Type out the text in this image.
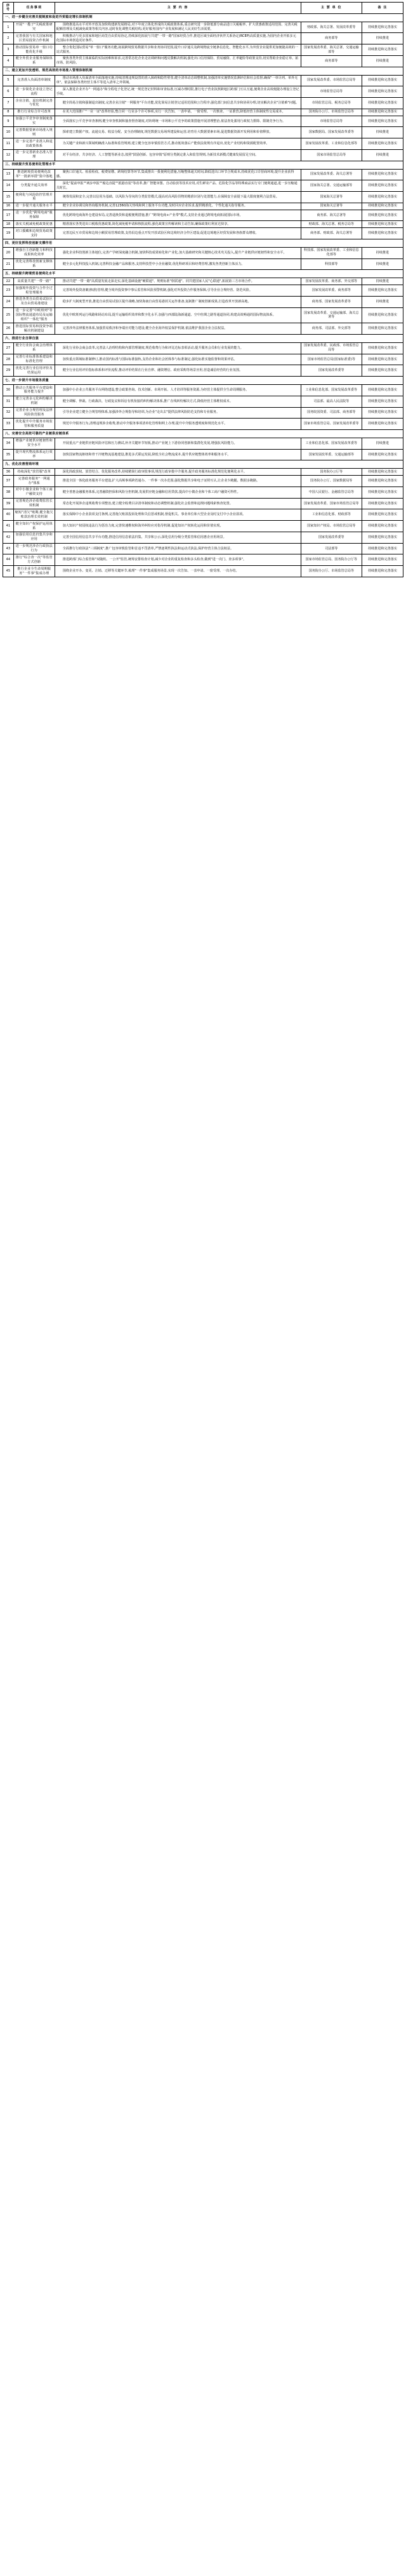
序号	任务事项	主 要 内 容	主 要 单 位	备 注
一、进一步健全完善关税制度和促进外贸稳定增长体制机制				
1	开展"一揽子"关税政策研究	围绕推进高水平对外开放及加快构建新发展格局,对下年度立体化形成的关税政策体系,重点研究进一步降低部分商品进口关税税率、扩大优惠政策适用范围、完善关税配额管理及关税减免政策等相关内容,适时优化调整关税结构,更好服务国内产业发展和满足人民美好生活需要。	财政部、海关总署、发展改革委等	持续推进和完善落实
2	完善我国与有关国家和地区贸易投资合作机制	积极推动与更多国家和地区商签自由贸易协定,持续深化拓展与共建"一带一路"国家经贸合作,推进区域全面经济伙伴关系协定(RCEP)高质量实施,为国内企业开拓多元化国际市场创造更好条件。	商务部等	持续推进
3	推动国际贸易单一窗口功能优化升级	整合优化国际贸易"单一窗口"服务功能,拓展跨境贸易数据共享和业务协同范围,提升口岸通关及跨境物流全链条信息化、智能化水平,为外贸企业提供更加便捷高效的一站式服务。	国家发展改革委、海关总署、交通运输部等	持续推进和完善落实
4	健全外贸企业服务保障体系	聚焦各类外贸主体面临的实际困难和诉求,完善常态化企业走访调研和问题反馈解决机制,强化出口信用保险、贸易融资、汇率避险等政策支持,切实帮助企业稳订单、拓市场、防风险。	商务部等	持续推进
二、建立更加开放透明、规范高效的市场准入管理体制机制				
5	完善准入负面清单制度	推动市场准入负面清单全面落地实施,持续清理违规设置的准入障碍和隐性壁垒,健全清单动态调整机制,加强清单实施情况监测评估和社会监督,确保"一单尽列、单外无单"。依法保障各类经营主体平等进入清单之外领域。	国家发展改革委、市场监管总局等	持续推进和完善落实
6	进一步简化企业设立登记流程	深入推进企业开办"一网通办"和全程电子化登记,统一规范登记材料和审查标准,压减办理时限,推行电子营业执照跨地区跨部门互认互通,便利企业高效便捷办理设立登记手续。	市场监管总局等	持续推进和完善落实
7	企业注销、退出机制完善与优化	健全简易注销和强制退出制度,完善企业注销"一网服务"平台功能,优化简易注销登记适用范围和公告程序,强化部门间信息共享和协同办理,切实解决企业"注销难"问题。	市场监管总局、税务总局等	持续推进和完善落实
8	推行行业综合许可改革	在更大范围推广"一业一证"改革经验,整合同一行业多个许可事项,实行一次告知、一表申请、一窗受理、一次核查、一证准营,降低经营主体制度性交易成本。	国务院办公厅、市场监管总局等	持续推进和完善落实
9	加强公平竞争审查制度落实	全面落实公平竞争审查条例,健全审查机制和抽查督查制度,对妨碍统一市场和公平竞争的政策措施开展清理整治,依法查处滥用行政权力排除、限制竞争行为。	市场监管总局等	持续推进和完善落实
10	完善数据要素市场准入规则	探索建立数据产权、流通交易、收益分配、安全治理制度,规范数据交易场所建设和运营,培育壮大数据要素市场,促进数据资源开发利用和价值释放。	国家数据局、国家发展改革委等	持续推进
11	进一步完善产业准入和退出政策体系	为关键产业和新兴领域明确准入标准和监管规则,建立健全包容审慎监管方式,推动低效落后产能依法依规有序退出,优化产业结构和资源配置效率。	国家发展改革委、工业和信息化部等	持续推进和完善落实
12	进一步完善新业态准入管理	对平台经济、共享经济、人工智能等新业态,按照"鼓励创新、包容审慎"原则分类制定准入和监管规则,为新技术新模式健康发展留足空间。	国家市场监管总局等	持续推进
三、持续提升贸易便利化管理水平				
13	推进跨境贸易便利化改革"一批新举措"集中落地	聚焦口岸通关、检验检疫、税费征缴、跨境结算等环节,集成推出一批便利化措施,压缩整体通关时间,降低进出口环节合规成本,持续优化口岸营商环境,提升企业获得感。	国家发展改革委、海关总署等	持续推进和完善落实
14	分类提升通关效率	深化"提前申报""两步申报""船边直提""抵港直装"等改革,推广智能审图、自动验放等技术应用,对生鲜农产品、危险化学品等特殊商品实行专门便利通道,进一步压缩通关时长。	国家海关总署、交通运输部等	持续推进和完善落实
15	便利化与风险防控管理并重	统筹发展和安全,完善以信用为基础、以风险为导向的分类监管模式,提高对高风险货物的精准识别与处置能力,在保障安全前提下最大限度便利合法贸易。	国家海关总署等	持续推进和完善落实
16	进一步提升通关服务水平	健全企业协调员和咨询服务机制,完善12360海关热线和网上服务平台功能,及时回应企业诉求,提供精准化、个性化通关指导服务。	国家海关总署等	持续推进和完善落实
17	进一步优化"跨境电商"服务保障	优化跨境电商海外仓建设布局,完善退换货和退税便利措施,推广"跨境电商+产业带"模式,支持企业通过跨境电商拓展国际市场。	商务部、海关总署等	持续推进和完善落实
18	落实关税减免税政策优惠	精准落实各类进出口税收优惠政策,简化减免税申请和核批流程,强化政策宣传解读和主动告知,确保政策红利直达快享。	财政部、海关总署、税务总局等	持续推进和完善落实
19	对口援藏和边境贸易政策支持	完善边民互市贸易和边境小额贸易管理政策,支持沿边重点开发开放试验区和边境经济合作区建设,促进边境地区经贸发展和各族群众增收。	商务部、财政部、海关总署等	持续推进和完善落实
四、更好发挥科技创新支撑作用				
20	增强自主创新能力和科技成果转化效率	强化企业科技创新主体地位,完善产学研深度融合机制,加快科技成果转化和产业化,加大基础研究和关键核心技术攻关投入,提升产业链供应链韧性和安全水平。	科技部、国家发展改革委、工业和信息化部等	持续推进
21	优化完善科技创新支撑体系	健全多元化科技投入机制,完善科技金融产品和服务,支持科技型中小企业融资,优化科研项目和经费管理,激发各类创新主体活力。	科技部等	持续推进
五、持续提升跨境贸易便利化水平				
22	高质量共建"一带一路"	推动共建"一带一路"高质量发展走深走实,深化基础设施"硬联通"、规则标准"软联通"、同共建国家人民"心联通",拓展第三方市场合作。	国家发展改革委、商务部、外交部等	持续推进
23	加强境外投资与合作全过程管理服务	完善境外投资备案(核准)管理,健全境外投资事中事后监管和风险预警机制,强化对外投资合作服务保障,引导企业合规经营、防范风险。	国家发展改革委、商务部等	持续推进和完善落实
24	推进各类自由贸易试验区及自由贸易港建设	稳步扩大制度型开放,推进自由贸易试验区提升战略,加快海南自由贸易港封关运作准备,复制推广制度创新成果,打造改革开放新高地。	商务部、国家发展改革委等	持续推进
25	进一步完善"中欧班列"等国际物流通道布局及运输组织"一体化"服务	优化中欧班列运行线路和场站布局,提升运输组织效率和数字化水平,加强与西部陆海新通道、空中丝绸之路等通道协同,构建高效畅通的国际物流体系。	国家发展改革委、交通运输部、海关总署等	持续推进和完善落实
26	推进国际贸易和投资争端解决机制建设	完善涉外法律服务体系,加强贸易救济和争端应对能力建设,健全企业海外权益保护机制,依法维护我国企业合法权益。	商务部、司法部、外交部等	持续推进和完善落实
六、推进行业自律自强				
27	健全行业协会商会治理体系	深化行业协会商会改革,完善法人治理结构和内部管理制度,规范收费行为和评比达标表彰活动,提升服务会员和行业发展的能力。	国家发展改革委、民政部、市场监管总局等	持续推进和完善落实
28	完善行业标准体系建设和标准化管理	加快重点领域标准制修订,推动国内标准与国际标准接轨,支持企业和社会团体参与标准制定,强化标准实施监督和效果评估。	国家市场监管总局(国家标准委)等	持续推进和完善落实
29	优化完善行业信用评价及结果运用	健全行业信用评价指标体系和评价流程,推动评价结果在行业自律、融资增信、政府采购等场景应用,营造诚信经营的行业氛围。	国家发展改革委等	持续推进和完善落实
七、进一步提升市场服务质量				
30	推动公共服务平台建设和服务能力提升	加强中小企业公共服务平台网络建设,整合政策咨询、技术创新、市场开拓、人才培训等服务资源,为经营主体提供全生命周期服务。	工业和信息化部、国家发展改革委等	持续推进和完善落实
31	建立完善多元化纠纷解决机制	健全调解、仲裁、行政裁决、行政复议和诉讼有机衔接的纠纷解决体系,推广在线纠纷解决方式,降低经营主体维权成本。	司法部、最高人民法院等	持续推进和完善落实
32	完善企业合规管理及法律风险防范服务	引导企业建立健全合规管理体系,加强涉外合规指导和培训,为企业"走出去"提供法律风险防范支持和专业服务。	国务院国资委、司法部、商务部等	持续推进和完善落实
33	优化提升中介服务市场监管和服务质量	规范中介服务行为,清理违规涉企收费,推动中介服务事项清单化管理和网上办理,提升中介服务透明度和规范化水平。	国家市场监管总局、国家发展改革委等	持续推进和完善落实
八、完善安全高效可靠的产业链供应链体系				
34	增强产业链供应链韧性和安全水平	开展重点产业链供应链风险评估和压力测试,补齐关键环节短板,推动产业链上下游协同创新和集群化发展,增强抗风险能力。	工业和信息化部、国家发展改革委等	持续推进
35	提升现代物流体系运行效率	加快国家物流枢纽和骨干冷链物流基地建设,推进多式联运发展,降低全社会物流成本,提升供应链整体效率和服务水平。	国家发展改革委、交通运输部等	持续推进和完善落实
九、优化改善营商环境				
36	持续深化"放管服"改革	深化简政放权、放管结合、优化服务改革,持续精简行政审批事项,规范行政审批中介服务,提升政务服务标准化规范化便利化水平。	国务院办公厅等	持续推进和完善落实
37	完善政务服务"一网通办"体系	推进全国一体化政务服务平台建设,扩大高频事项跨省通办、一件事一次办范围,强化数据共享和电子证照互认,让企业少跑腿、数据多跑路。	国务院办公厅、国家数据局等	持续推进和完善落实
38	对中小微企业和个体工商户融资支持	健全普惠金融服务体系,完善融资担保和风险分担机制,发展供应链金融和信用贷款,提高中小微企业和个体工商户融资可得性。	中国人民银行、金融监管总局等	持续推进和完善落实
39	完善规范涉企收费监管长效机制	常态化开展涉企违规收费专项整治,建立健全收费目录清单制度和动态调整机制,强化社会监督和违规问题线索核查处置。	国家发展改革委、国家市场监管总局等	持续推进和完善落实
40	缩短"清欠"账期,健全拖欠账款治理长效机制	落实保障中小企业款项支付条例,完善拖欠账款投诉处理和失信惩戒机制,督促机关、事业单位和大型企业及时支付中小企业款项。	工业和信息化部、财政部等	持续推进和完善落实
41	健全知识产权保护运用体系	加大知识产权侵权违法行为惩治力度,完善快速维权和海外纠纷应对指导机制,促进知识产权转化运用和价值实现。	国家知识产权局、市场监管总局等	持续推进和完善落实
42	加强信用信息归集共享和应用	完善全国信用信息共享平台功能,推进信用信息依法归集、共享和公示,深化信用分级分类监管和信用惠企应用场景。	国家发展改革委等	持续推进和完善落实
43	进一步规范涉企行政执法行为	全面推行行政执法"三项制度",推广包容审慎监管和首违不罚清单,严禁逐利性执法和运动式执法,保护经营主体合法权益。	司法部等	持续推进和完善落实
44	推行"综合查一次"等监管方式创新	推进跨部门综合监管和"双随机、一公开"监管,统筹安排检查计划,减少对企业的重复检查和多头检查,做到"进一次门、查多项事"。	国家市场监管总局、国务院办公厅等	持续推进和完善落实
45	推行企业全生命周期服务"一件事"集成办理	围绕企业开办、变更、注销、迁移等关键环节,梳理"一件事"集成服务场景,实现一次告知、一表申请、一窗受理、一次办结。	国务院办公厅、市场监管总局等	持续推进和完善落实
